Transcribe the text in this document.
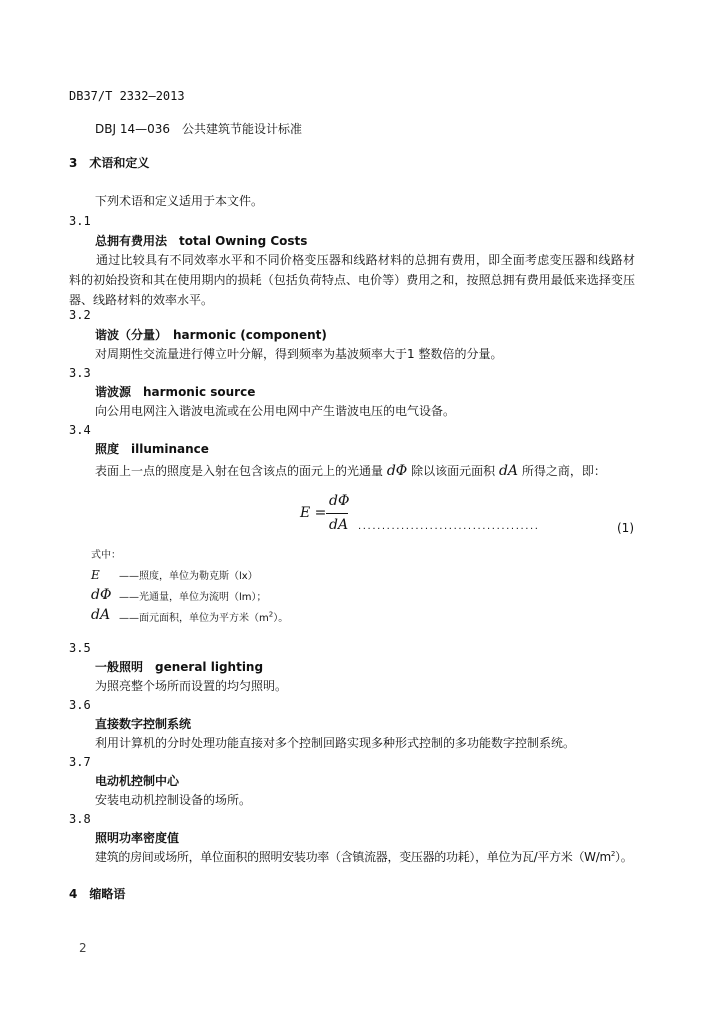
DB37/T 2332—2013
DBJ 14—036　公共建筑节能设计标准
3　术语和定义
下列术语和定义适用于本文件。
3.1
总拥有费用法　total Owning Costs
通过比较具有不同效率水平和不同价格变压器和线路材料的总拥有费用，即全面考虑变压器和线路材料的初始投资和其在使用期内的损耗（包括负荷特点、电价等）费用之和，按照总拥有费用最低来选择变压器、线路材料的效率水平。
3.2
谐波（分量）　harmonic (component)
对周期性交流量进行傅立叶分解，得到频率为基波频率大于1 整数倍的分量。
3.3
谐波源　harmonic source
向公用电网注入谐波电流或在公用电网中产生谐波电压的电气设备。
3.4
照度　illuminance
表面上一点的照度是入射在包含该点的面元上的光通量 dΦ 除以该面元面积 dA 所得之商，即：
E =
dΦ
dA ......................................	(1)
式中：
E ——照度，单位为勒克斯（lx）
dΦ ——光通量，单位为流明（lm）；
dA ——面元面积，单位为平方米$(m^2)$。
3.5
一般照明　general lighting
为照亮整个场所而设置的均匀照明。
3.6
直接数字控制系统
利用计算机的分时处理功能直接对多个控制回路实现多种形式控制的多功能数字控制系统。
3.7
电动机控制中心
安装电动机控制设备的场所。
3.8
照明功率密度值
建筑的房间或场所，单位面积的照明安装功率（含镇流器，变压器的功耗），单位为瓦/平方米$(W/m^2)$。
4　缩略语
2
